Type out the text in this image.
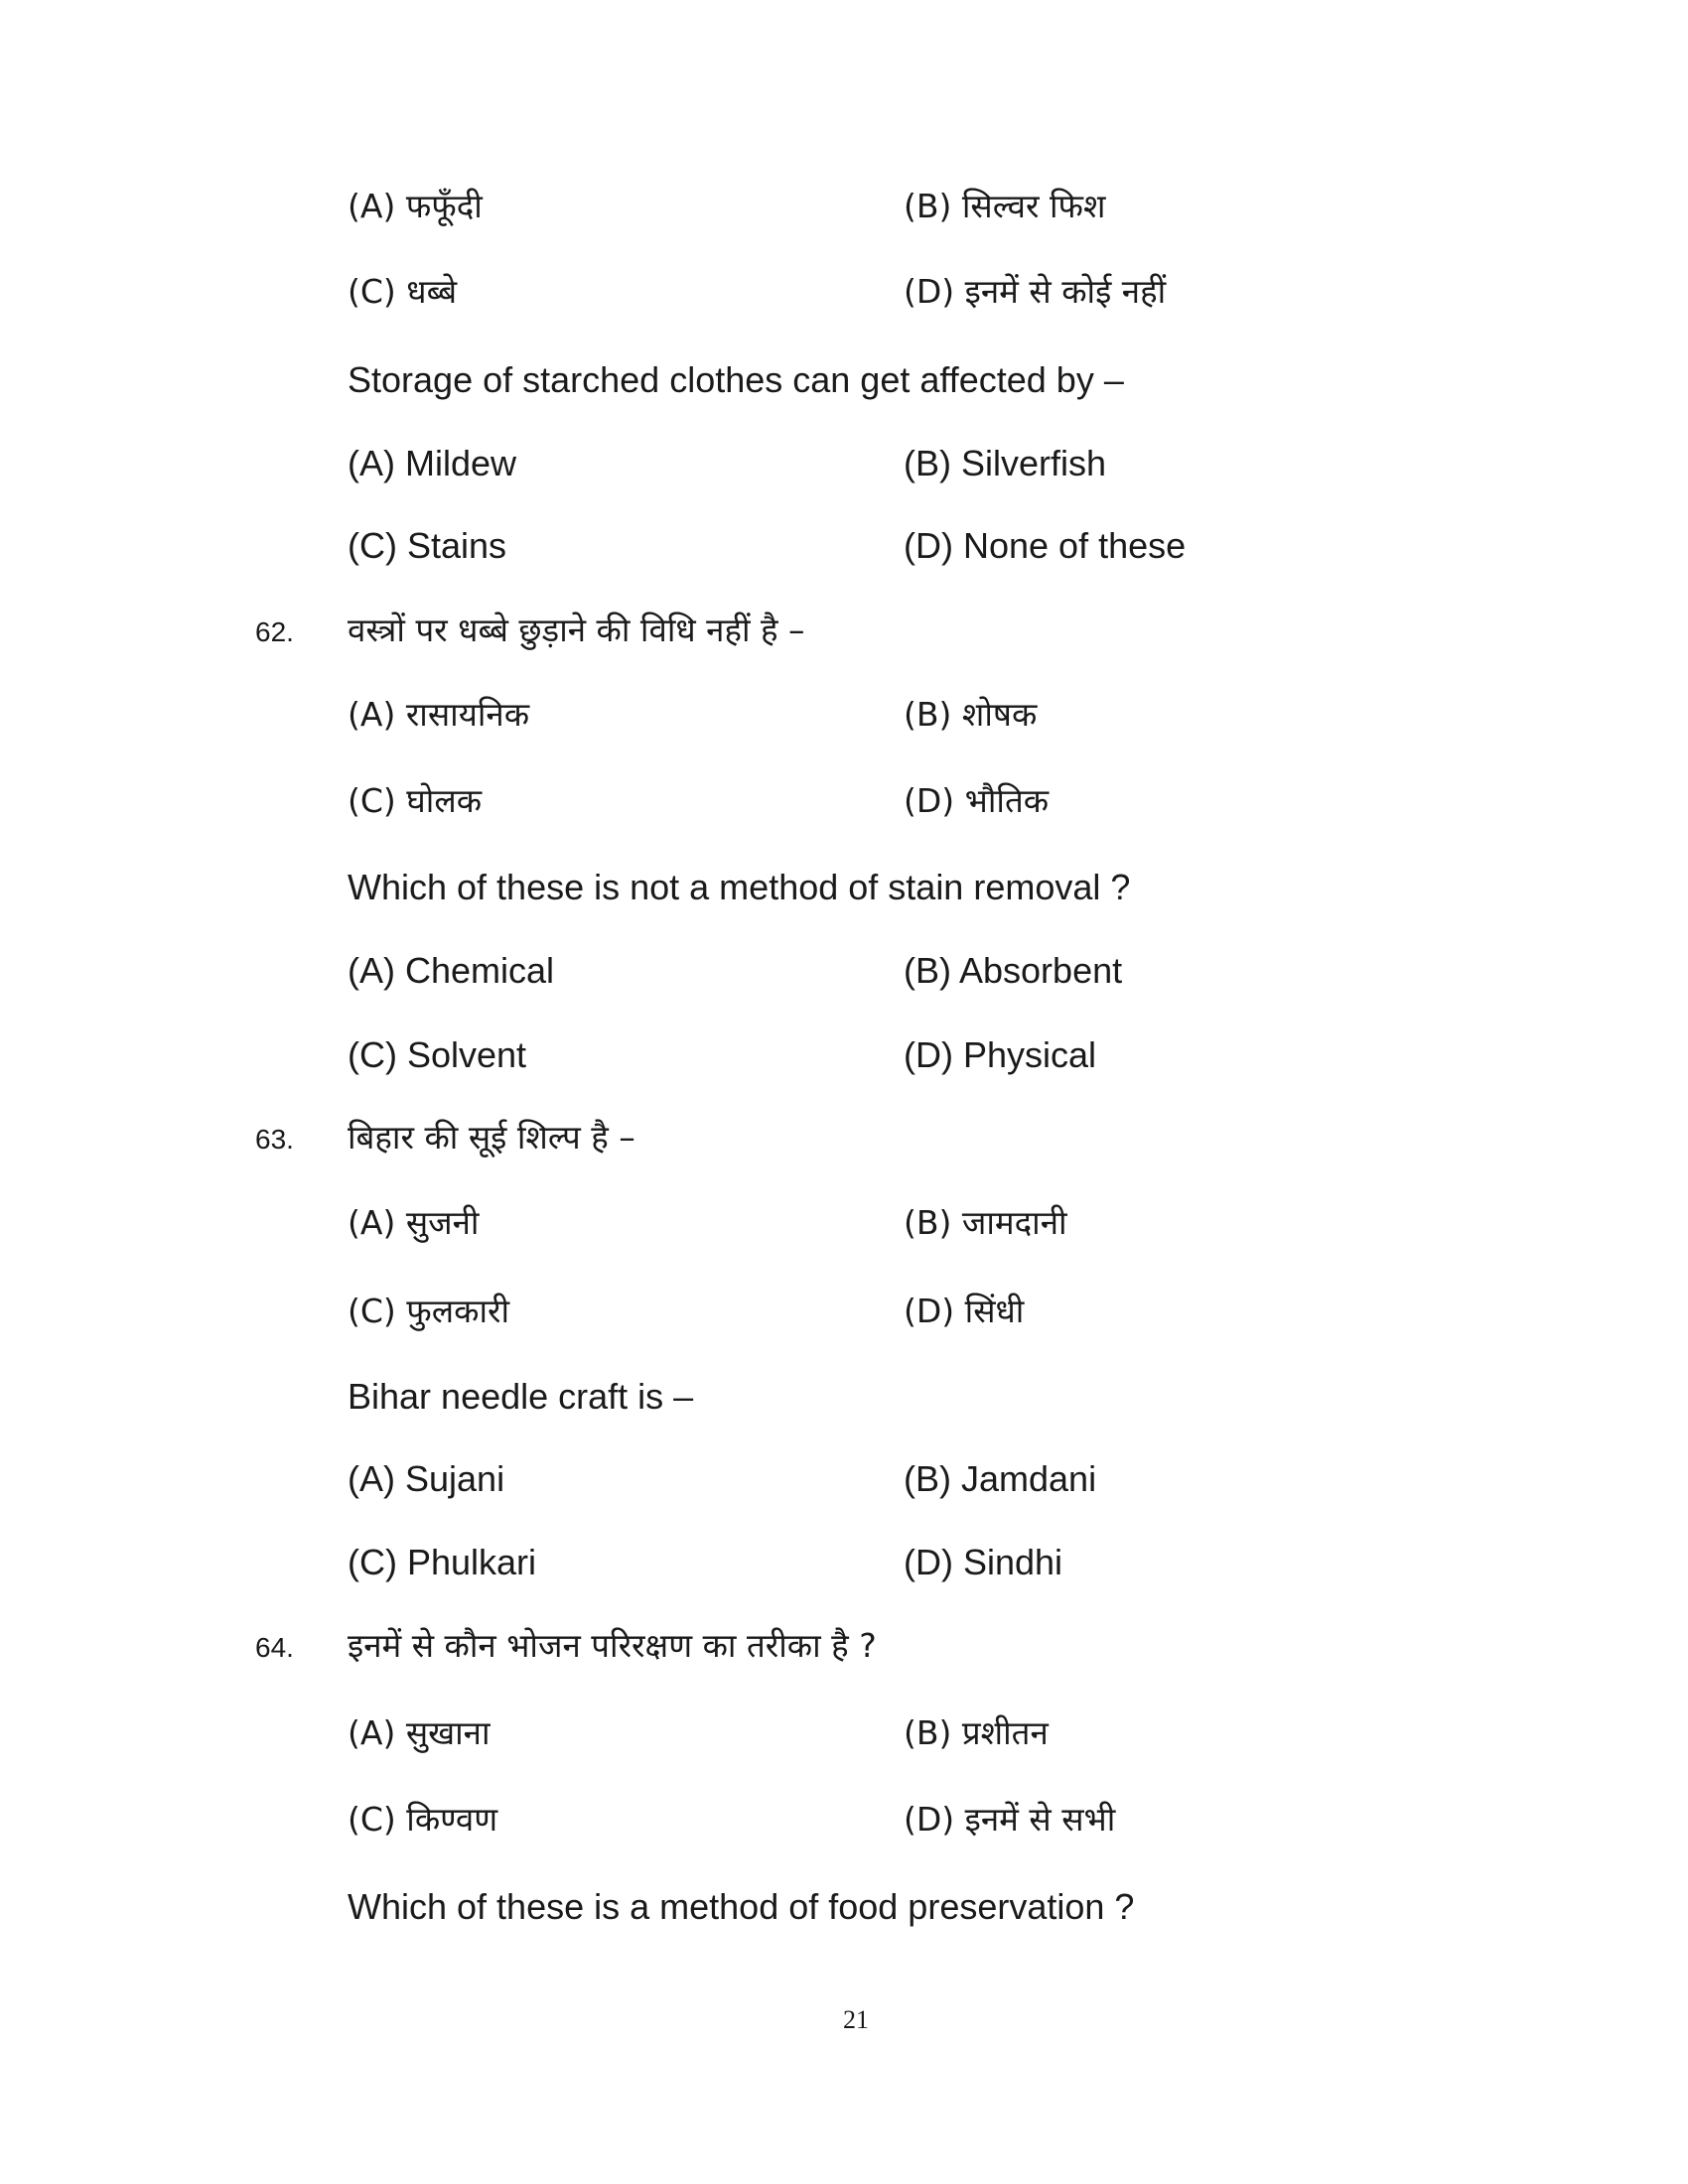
(A) फफूँदी	(B) सिल्वर फिश
(C) धब्बे	(D) इनमें से कोई नहीं
Storage of starched clothes can get affected by –
(A) Mildew	(B) Silverfish
(C) Stains	(D) None of these
62. वस्त्रों पर धब्बे छुड़ाने की विधि नहीं है –
(A) रासायनिक	(B) शोषक
(C) घोलक	(D) भौतिक
Which of these is not a method of stain removal ?
(A) Chemical	(B) Absorbent
(C) Solvent	(D) Physical
63. बिहार की सूई शिल्प है –
(A) सुजनी	(B) जामदानी
(C) फुलकारी	(D) सिंधी
Bihar needle craft is –
(A) Sujani	(B) Jamdani
(C) Phulkari	(D) Sindhi
64. इनमें से कौन भोजन परिरक्षण का तरीका है ?
(A) सुखाना	(B) प्रशीतन
(C) किण्वण	(D) इनमें से सभी
Which of these is a method of food preservation ?
21
